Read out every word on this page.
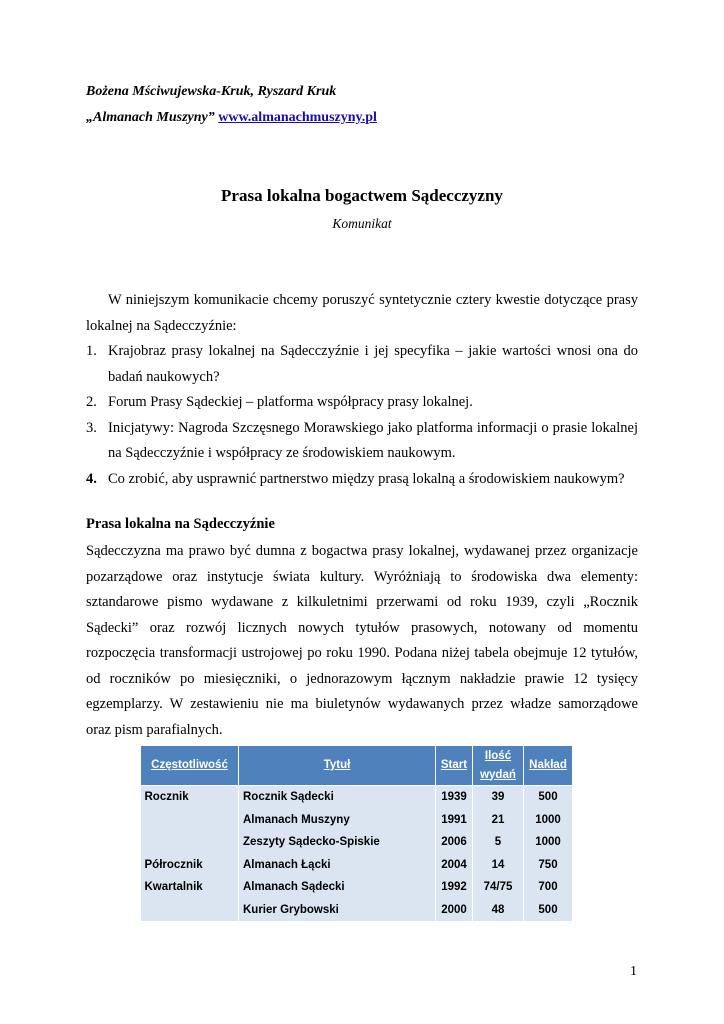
Bożena Mściwujewska-Kruk, Ryszard Kruk
„Almanach Muszyny” www.almanachmuszyny.pl
Prasa lokalna bogactwem Sądecczyzny
Komunikat
W niniejszym komunikacie chcemy poruszyć syntetycznie cztery kwestie dotyczące prasy
lokalnej na Sądecczyźnie:
1. Krajobraz prasy lokalnej na Sądecczyźnie i jej specyfika – jakie wartości wnosi ona do badań naukowych?
2. Forum Prasy Sądeckiej – platforma współpracy prasy lokalnej.
3. Inicjatywy: Nagroda Szczęsnego Morawskiego jako platforma informacji o prasie lokalnej na Sądecczyźnie i współpracy ze środowiskiem naukowym.
4. Co zrobić, aby usprawnić partnerstwo między prasą lokalną a środowiskiem naukowym?
Prasa lokalna na Sądecczyźnie
Sądecczyzna ma prawo być dumna z bogactwa prasy lokalnej, wydawanej przez organizacje
pozarządowe oraz instytucje świata kultury. Wyróżniają to środowiska dwa elementy:
sztandarowe pismo wydawane z kilkuletnimi przerwami od roku 1939, czyli „Rocznik
Sądecki” oraz rozwój licznych nowych tytułów prasowych, notowany od momentu
rozpoczęcia transformacji ustrojowej po roku 1990. Podana niżej tabela obejmuje 12 tytułów,
od roczników po miesięczniki, o jednorazowym łącznym nakładzie prawie 12 tysięcy
egzemplarzy. W zestawieniu nie ma biuletynów wydawanych przez władze samorządowe
oraz pism parafialnych.
Częstotliwość	Tytuł	Start	Ilość wydań	Nakład
Rocznik	Rocznik Sądecki	1939	39	500
	Almanach Muszyny	1991	21	1000
	Zeszyty Sądecko-Spiskie	2006	5	1000
Półrocznik	Almanach Łącki	2004	14	750
Kwartalnik	Almanach Sądecki	1992	74/75	700
	Kurier Grybowski	2000	48	500
1
